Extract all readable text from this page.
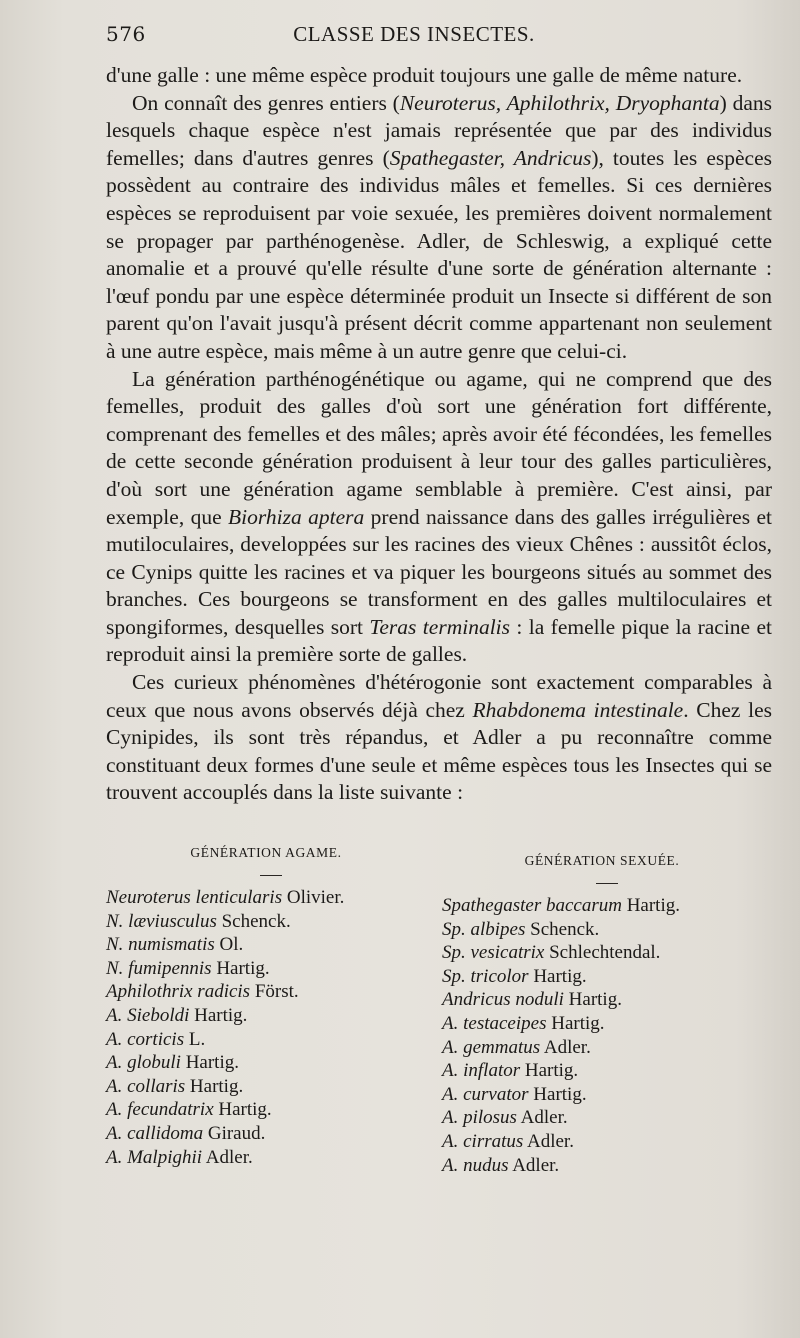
576	CLASSE DES INSECTES.

d'une galle : une même espèce produit toujours une galle de même nature.

On connaît des genres entiers (Neuroterus, Aphilothrix, Dryophanta) dans lesquels chaque espèce n'est jamais représentée que par des individus femelles; dans d'autres genres (Spathegaster, Andricus), toutes les espèces possèdent au contraire des individus mâles et femelles. Si ces dernières espèces se reproduisent par voie sexuée, les premières doivent normalement se propager par parthénogenèse. Adler, de Schleswig, a expliqué cette anomalie et a prouvé qu'elle résulte d'une sorte de génération alternante : l'œuf pondu par une espèce déterminée produit un Insecte si différent de son parent qu'on l'avait jusqu'à présent décrit comme appartenant non seulement à une autre espèce, mais même à un autre genre que celui-ci.

La génération parthénogénétique ou agame, qui ne comprend que des femelles, produit des galles d'où sort une génération fort différente, comprenant des femelles et des mâles; après avoir été fécondées, les femelles de cette seconde génération produisent à leur tour des galles particulières, d'où sort une génération agame semblable à première. C'est ainsi, par exemple, que Biorhiza aptera prend naissance dans des galles irrégulières et mutiloculaires, developpées sur les racines des vieux Chênes : aussitôt éclos, ce Cynips quitte les racines et va piquer les bourgeons situés au sommet des branches. Ces bourgeons se transforment en des galles multiloculaires et spongiformes, desquelles sort Teras terminalis : la femelle pique la racine et reproduit ainsi la première sorte de galles.

Ces curieux phénomènes d'hétérogonie sont exactement comparables à ceux que nous avons observés déjà chez Rhabdonema intestinale. Chez les Cynipides, ils sont très répandus, et Adler a pu reconnaître comme constituant deux formes d'une seule et même espèces tous les Insectes qui se trouvent accouplés dans la liste suivante :

GÉNÉRATION AGAME.
Neuroterus lenticularis Olivier.
N. læviusculus Schenck.
N. numismatis Ol.
N. fumipennis Hartig.
Aphilothrix radicis Först.
A. Sieboldi Hartig.
A. corticis L.
A. globuli Hartig.
A. collaris Hartig.
A. fecundatrix Hartig.
A. callidoma Giraud.
A. Malpighii Adler.
GÉNÉRATION SEXUÉE.
Spathegaster baccarum Hartig.
Sp. albipes Schenck.
Sp. vesicatrix Schlechtendal.
Sp. tricolor Hartig.
Andricus noduli Hartig.
A. testaceipes Hartig.
A. gemmatus Adler.
A. inflator Hartig.
A. curvator Hartig.
A. pilosus Adler.
A. cirratus Adler.
A. nudus Adler.
